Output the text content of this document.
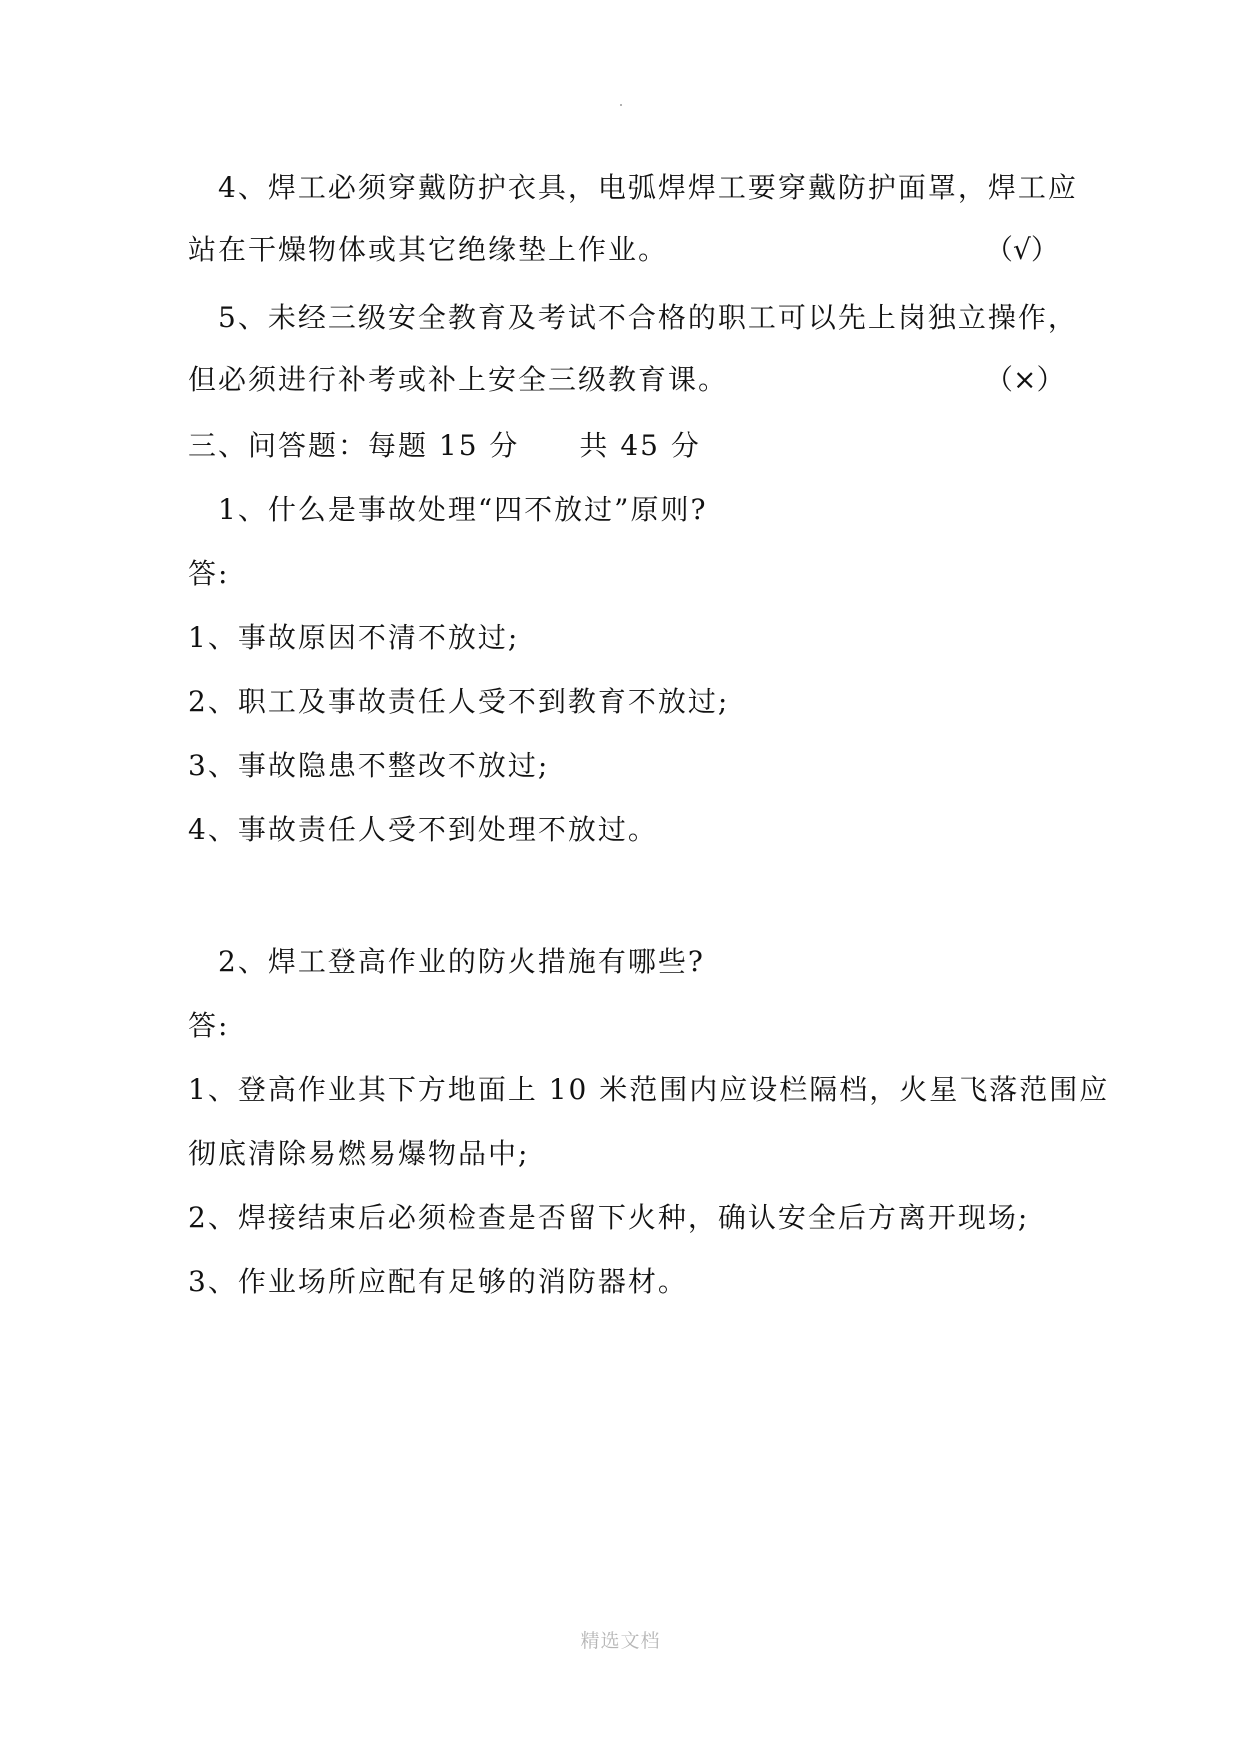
4、焊工必须穿戴防护衣具，电弧焊焊工要穿戴防护面罩，焊工应
站在干燥物体或其它绝缘垫上作业。	（√）
5、未经三级安全教育及考试不合格的职工可以先上岗独立操作，
但必须进行补考或补上安全三级教育课。	（×）
三、问答题：每题 15 分　　共 45 分
1、什么是事故处理“四不放过”原则?
答:
1、事故原因不清不放过;
2、职工及事故责任人受不到教育不放过;
3、事故隐患不整改不放过;
4、事故责任人受不到处理不放过。
2、焊工登高作业的防火措施有哪些?
答:
1、登高作业其下方地面上 10 米范围内应设栏隔档，火星飞落范围应
彻底清除易燃易爆物品中;
2、焊接结束后必须检查是否留下火种，确认安全后方离开现场;
3、作业场所应配有足够的消防器材。
精选文档
